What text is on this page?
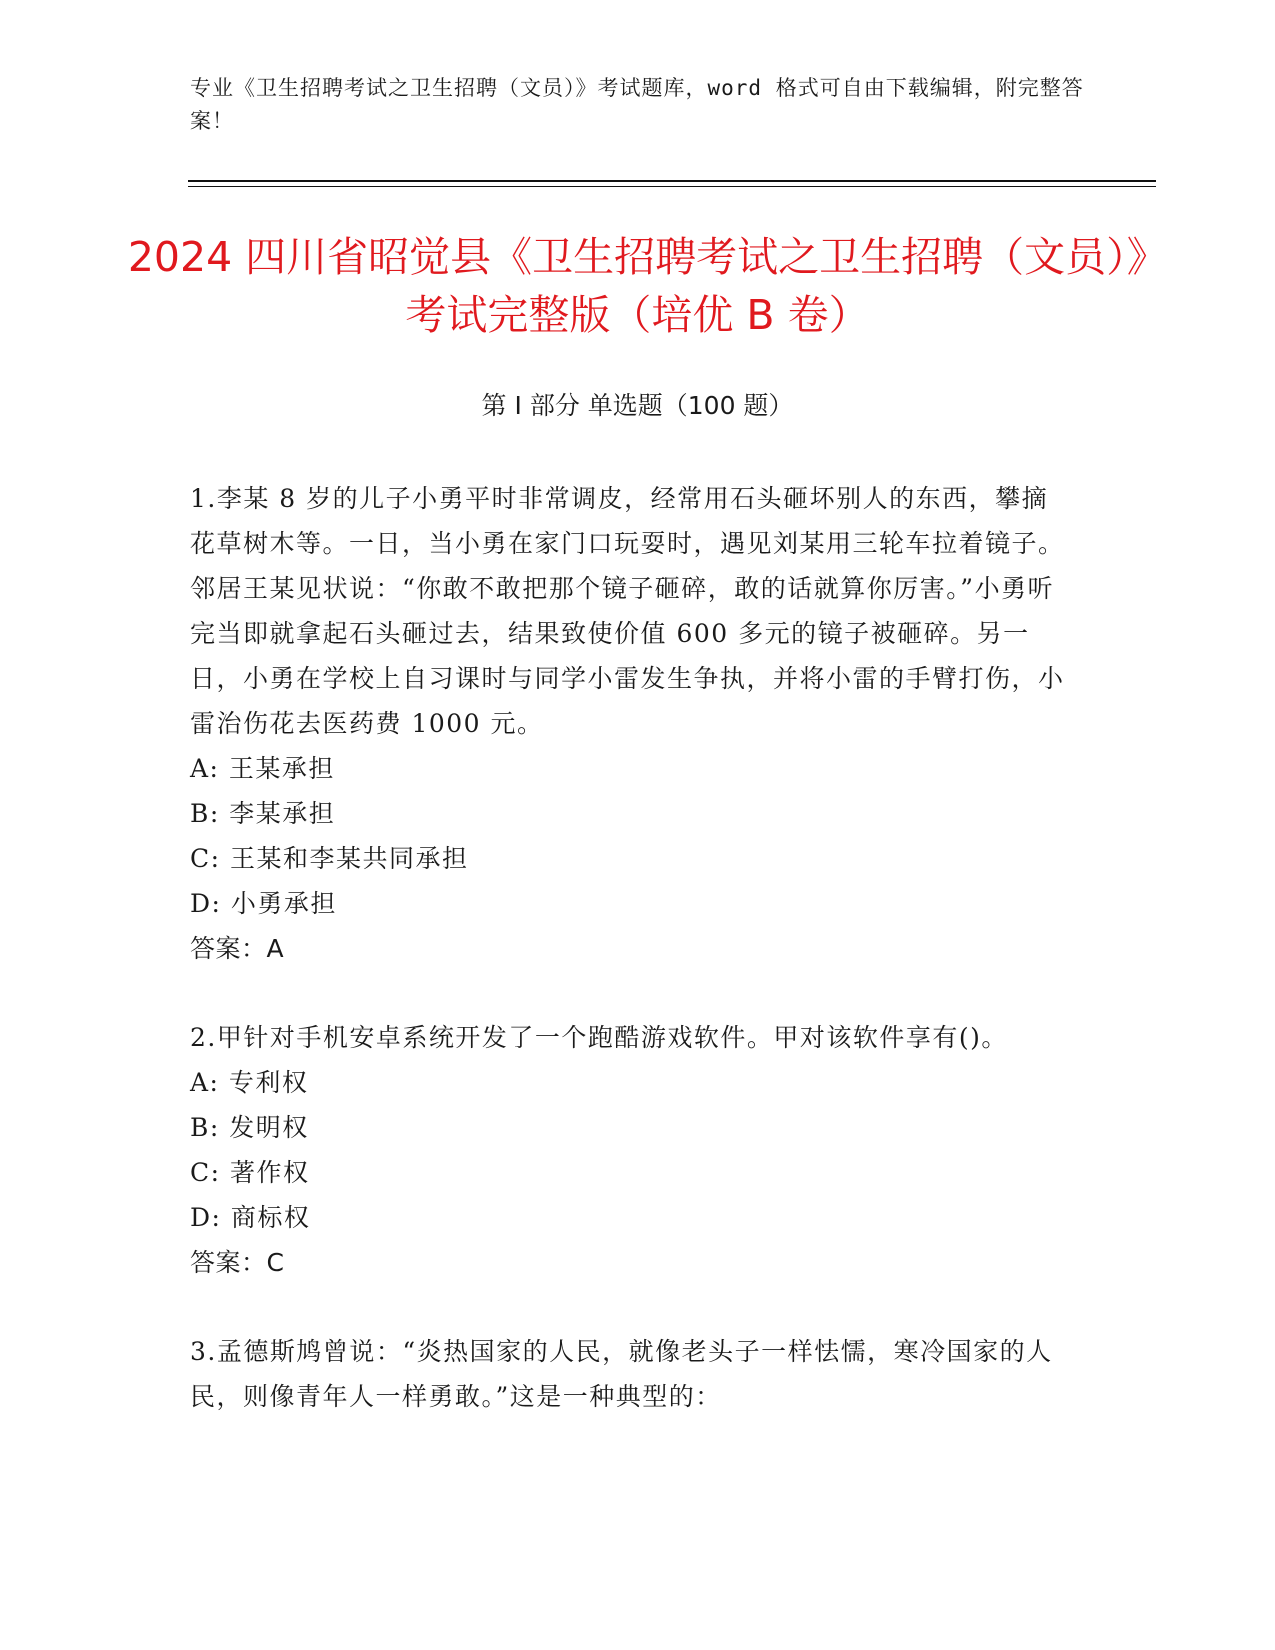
专业《卫生招聘考试之卫生招聘（文员）》考试题库，word 格式可自由下载编辑，附完整答案！
2024 四川省昭觉县《卫生招聘考试之卫生招聘（文员）》考试完整版（培优 B 卷）
第 I 部分 单选题（100 题）

1.李某 8 岁的儿子小勇平时非常调皮，经常用石头砸坏别人的东西，攀摘花草树木等。一日，当小勇在家门口玩耍时，遇见刘某用三轮车拉着镜子。邻居王某见状说：“你敢不敢把那个镜子砸碎，敢的话就算你厉害。”小勇听完当即就拿起石头砸过去，结果致使价值 600 多元的镜子被砸碎。另一日，小勇在学校上自习课时与同学小雷发生争执，并将小雷的手臂打伤，小雷治伤花去医药费 1000 元。

A: 王某承担

B: 李某承担

C: 王某和李某共同承担

D: 小勇承担

答案：A

2.甲针对手机安卓系统开发了一个跑酷游戏软件。甲对该软件享有()。

A: 专利权

B: 发明权

C: 著作权

D: 商标权

答案：C

3.孟德斯鸠曾说：“炎热国家的人民，就像老头子一样怯懦，寒冷国家的人民，则像青年人一样勇敢。”这是一种典型的：
